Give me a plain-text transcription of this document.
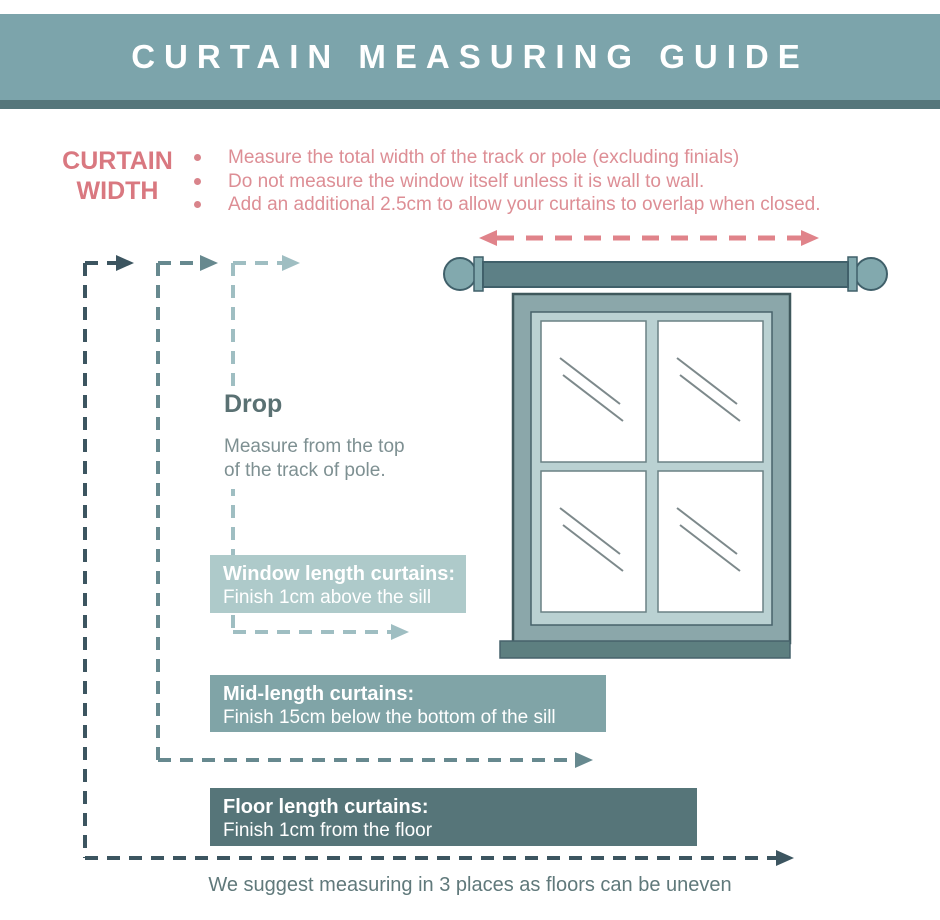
CURTAIN MEASURING GUIDE
CURTAIN
WIDTH
Measure the total width of the track or pole (excluding finials)
Do not measure the window itself unless it is wall to wall.
Add an additional 2.5cm to allow your curtains to overlap when closed.
Drop

Measure from the top
of the track of pole.

Window length curtains:
Finish 1cm above the sill
Mid-length curtains:
Finish 15cm below the bottom of the sill
Floor length curtains:
Finish 1cm from the floor
We suggest measuring in 3 places as floors can be uneven
